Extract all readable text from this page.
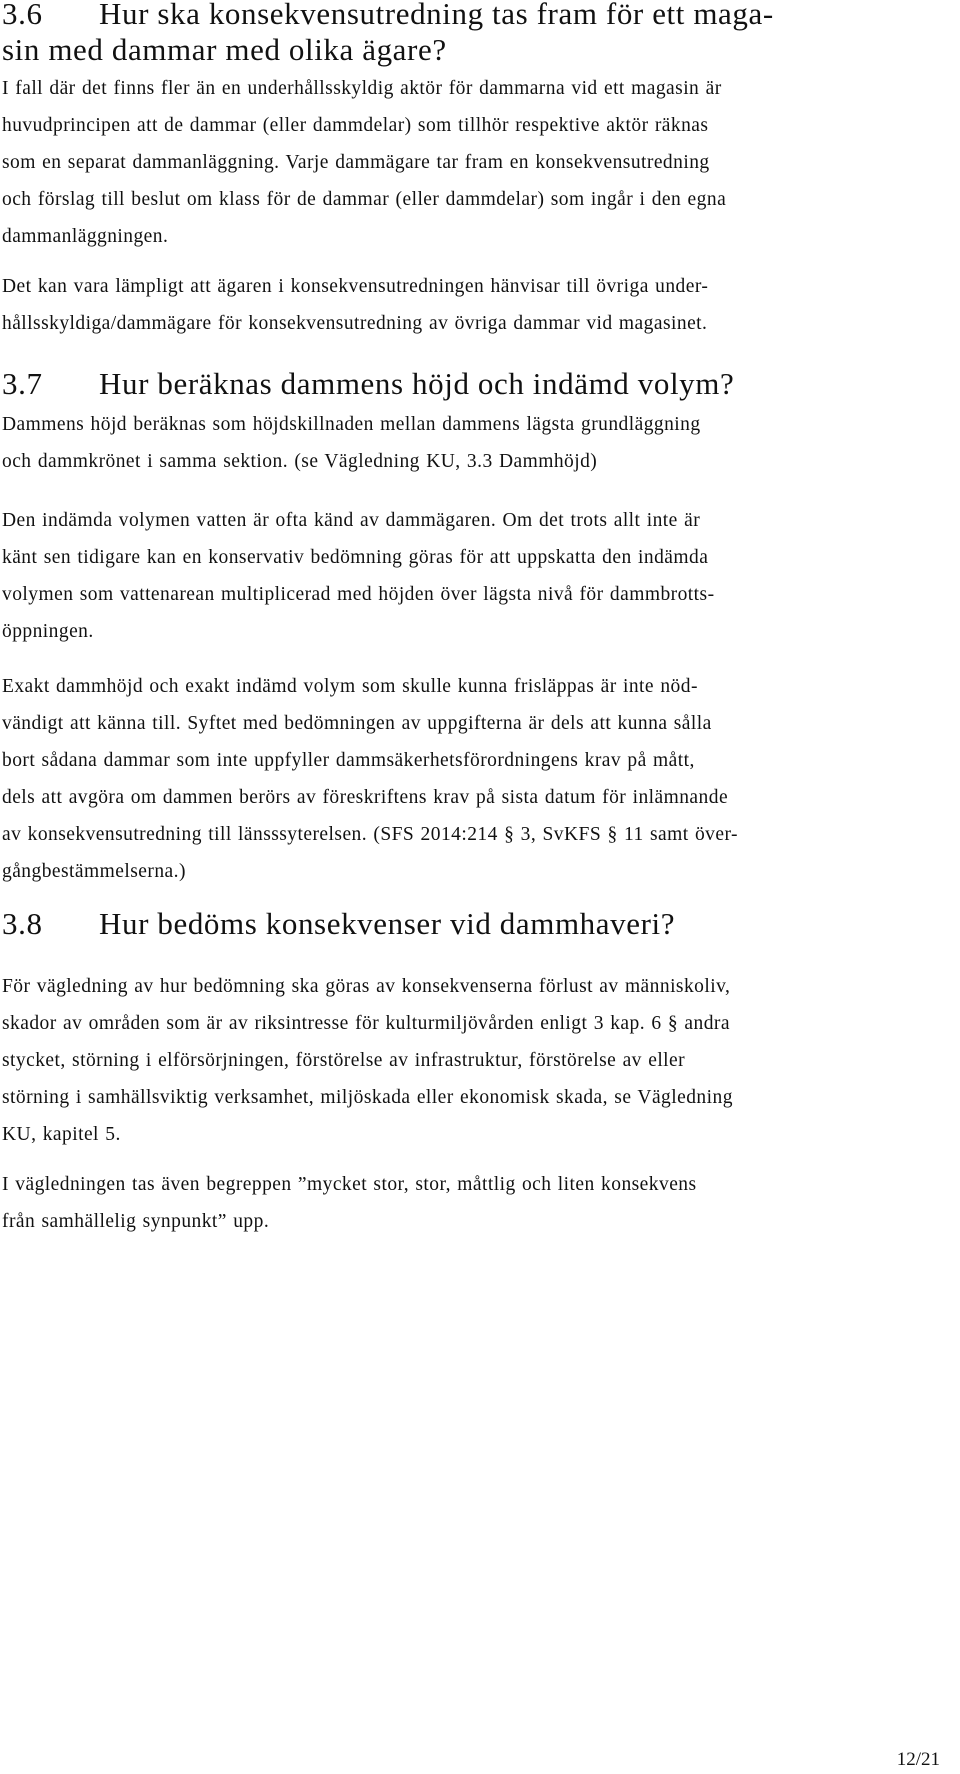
3.6 Hur ska konsekvensutredning tas fram för ett maga-
sin med dammar med olika ägare?

I fall där det finns fler än en underhållsskyldig aktör för dammarna vid ett magasin är
huvudprincipen att de dammar (eller dammdelar) som tillhör respektive aktör räknas
som en separat dammanläggning. Varje dammägare tar fram en konsekvensutredning
och förslag till beslut om klass för de dammar (eller dammdelar) som ingår i den egna
dammanläggningen.

Det kan vara lämpligt att ägaren i konsekvensutredningen hänvisar till övriga under-
hållsskyldiga/dammägare för konsekvensutredning av övriga dammar vid magasinet.

3.7 Hur beräknas dammens höjd och indämd volym?

Dammens höjd beräknas som höjdskillnaden mellan dammens lägsta grundläggning
och dammkrönet i samma sektion. (se Vägledning KU, 3.3 Dammhöjd)

Den indämda volymen vatten är ofta känd av dammägaren. Om det trots allt inte är
känt sen tidigare kan en konservativ bedömning göras för att uppskatta den indämda
volymen som vattenarean multiplicerad med höjden över lägsta nivå för dammbrotts-
öppningen.

Exakt dammhöjd och exakt indämd volym som skulle kunna frisläppas är inte nöd-
vändigt att känna till. Syftet med bedömningen av uppgifterna är dels att kunna sålla
bort sådana dammar som inte uppfyller dammsäkerhetsförordningens krav på mått,
dels att avgöra om dammen berörs av föreskriftens krav på sista datum för inlämnande
av konsekvensutredning till länsssyterelsen. (SFS 2014:214 § 3, SvKFS § 11 samt över-
gångbestämmelserna.)

3.8 Hur bedöms konsekvenser vid dammhaveri?

För vägledning av hur bedömning ska göras av konsekvenserna förlust av människoliv,
skador av områden som är av riksintresse för kulturmiljövården enligt 3 kap. 6 § andra
stycket, störning i elförsörjningen, förstörelse av infrastruktur, förstörelse av eller
störning i samhällsviktig verksamhet, miljöskada eller ekonomisk skada, se Vägledning
KU, kapitel 5.

I vägledningen tas även begreppen ”mycket stor, stor, måttlig och liten konsekvens
från samhällelig synpunkt” upp.

12/21
